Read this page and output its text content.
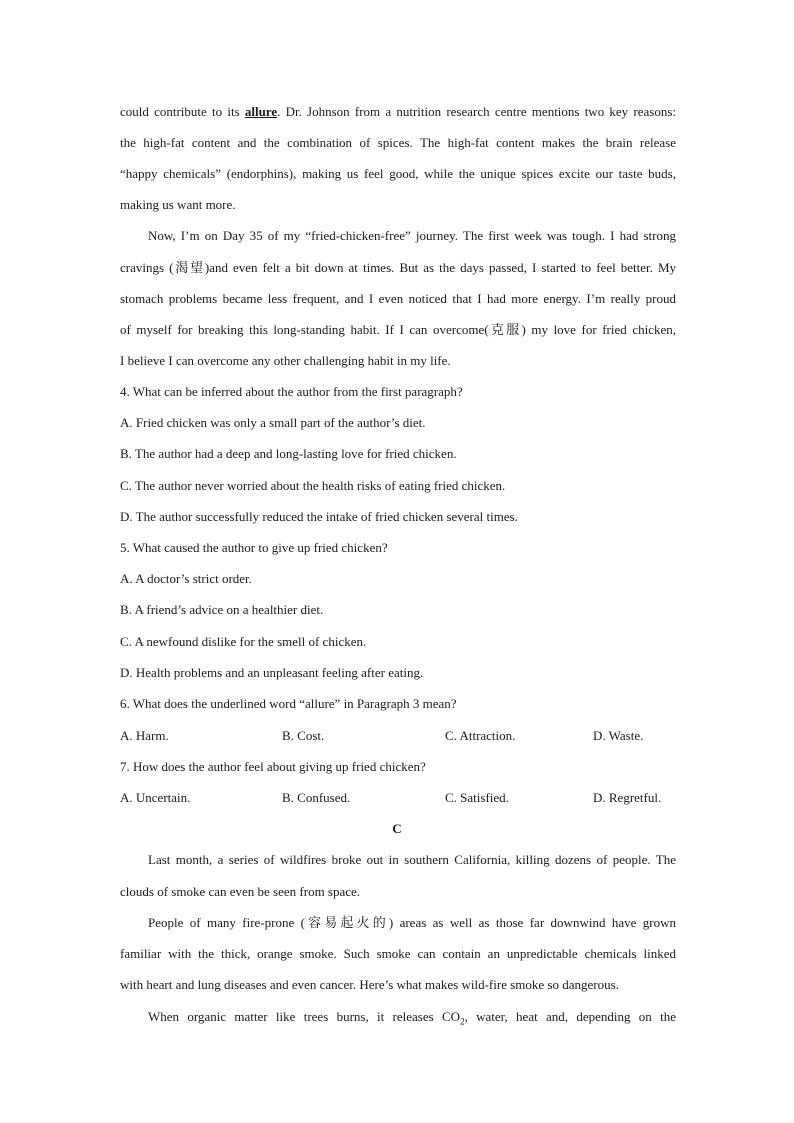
could contribute to its allure. Dr. Johnson from a nutrition research centre mentions two key reasons:
the high-fat content and the combination of spices. The high-fat content makes the brain release
“happy chemicals” (endorphins), making us feel good, while the unique spices excite our taste buds,
making us want more.
Now, I’m on Day 35 of my “fried-chicken-free” journey. The first week was tough. I had strong
cravings (渴望)and even felt a bit down at times. But as the days passed, I started to feel better. My
stomach problems became less frequent, and I even noticed that I had more energy. I’m really proud
of myself for breaking this long-standing habit. If I can overcome(克服) my love for fried chicken,
I believe I can overcome any other challenging habit in my life.
4. What can be inferred about the author from the first paragraph?
A. Fried chicken was only a small part of the author’s diet.
B. The author had a deep and long-lasting love for fried chicken.
C. The author never worried about the health risks of eating fried chicken.
D. The author successfully reduced the intake of fried chicken several times.
5. What caused the author to give up fried chicken?
A. A doctor’s strict order.
B. A friend’s advice on a healthier diet.
C. A newfound dislike for the smell of chicken.
D. Health problems and an unpleasant feeling after eating.
6. What does the underlined word “allure” in Paragraph 3 mean?
A. Harm.	B. Cost.	C. Attraction.	D. Waste.
7. How does the author feel about giving up fried chicken?
A. Uncertain.	B. Confused.	C. Satisfied.	D. Regretful.
C
Last month, a series of wildfires broke out in southern California, killing dozens of people. The
clouds of smoke can even be seen from space.
People of many fire-prone (容易起火的) areas as well as those far downwind have grown
familiar with the thick, orange smoke. Such smoke can contain an unpredictable chemicals linked
with heart and lung diseases and even cancer. Here’s what makes wild-fire smoke so dangerous.
When organic matter like trees burns, it releases $CO_2$, water, heat and, depending on the
